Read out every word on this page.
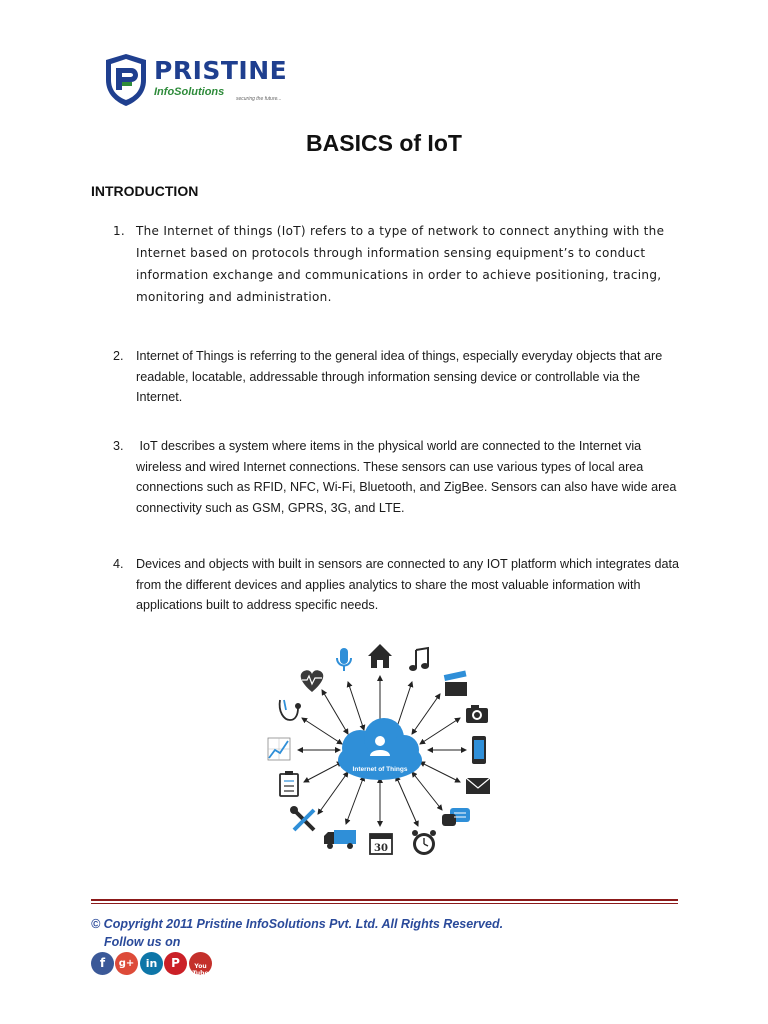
PRISTINE
InfoSolutions
securing the future...
BASICS of IoT
INTRODUCTION
1. The Internet of things (IoT) refers to a type of network to connect anything with the Internet based on protocols through information sensing equipment’s to conduct information exchange and communications in order to achieve positioning, tracing, monitoring and administration.
2. Internet of Things is referring to the general idea of things, especially everyday objects that are readable, locatable, addressable through information sensing device or controllable via the Internet.
3. IoT describes a system where items in the physical world are connected to the Internet via wireless and wired Internet connections. These sensors can use various types of local area connections such as RFID, NFC, Wi-Fi, Bluetooth, and ZigBee. Sensors can also have wide area connectivity such as GSM, GPRS, 3G, and LTE.
4. Devices and objects with built in sensors are connected to any IOT platform which integrates data from the different devices and applies analytics to share the most valuable information with applications built to address specific needs.
Internet of Things
30
© Copyright 2011 Pristine InfoSolutions Pvt. Ltd. All Rights Reserved.
Follow us on
f	g+	in	P	You
Tube
